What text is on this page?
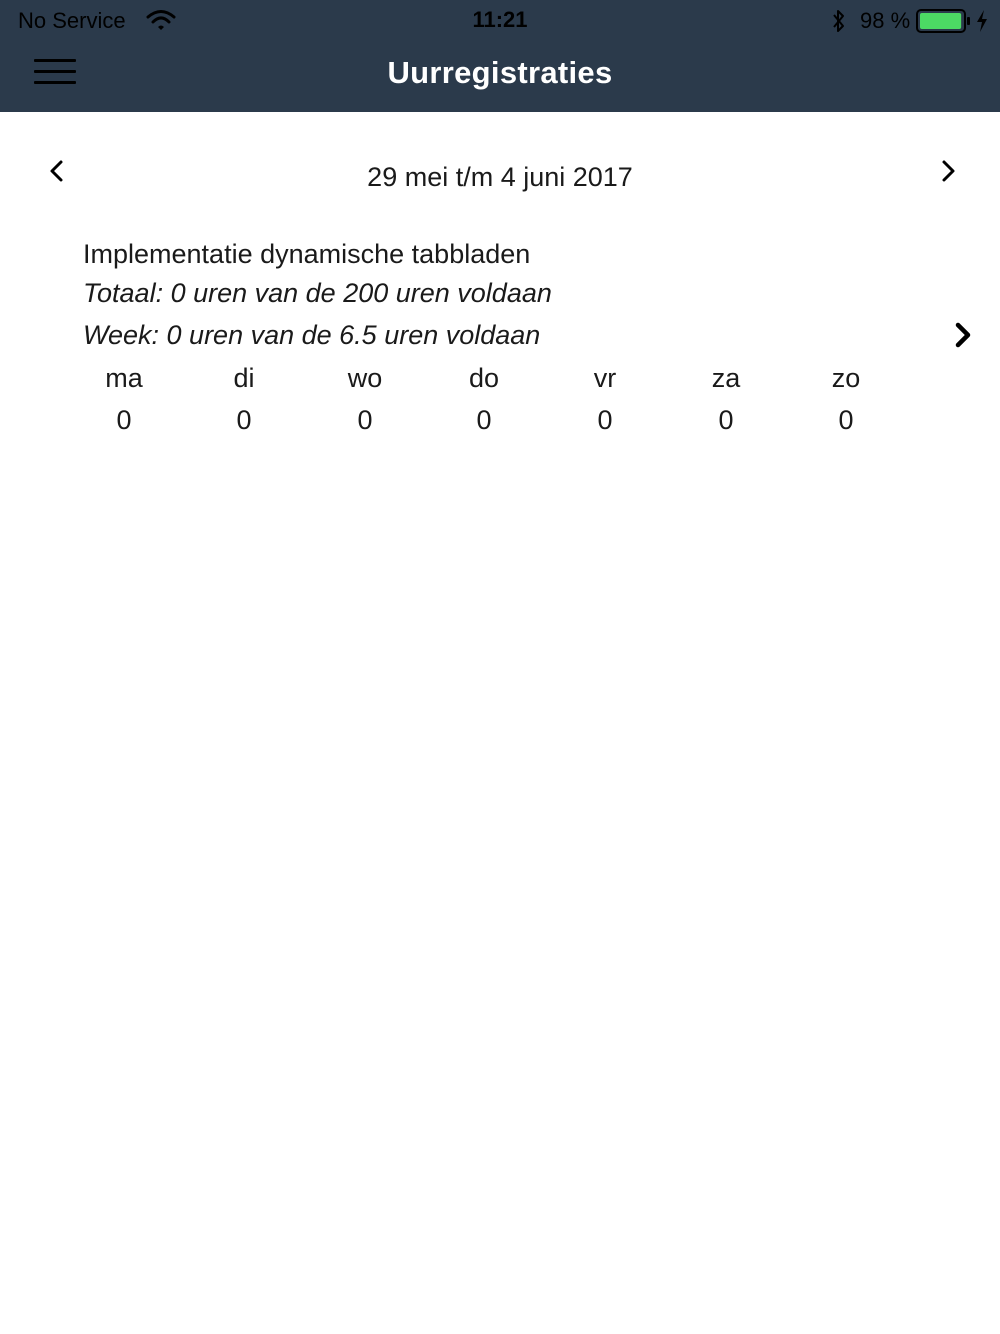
No Service	11:21	98 %
Uurregistraties
29 mei t/m 4 juni 2017
Implementatie dynamische tabbladen
Totaal: 0 uren van de 200 uren voldaan
Week: 0 uren van de 6.5 uren voldaan
ma
0
di
0
wo
0
do
0
vr
0
za
0
zo
0
